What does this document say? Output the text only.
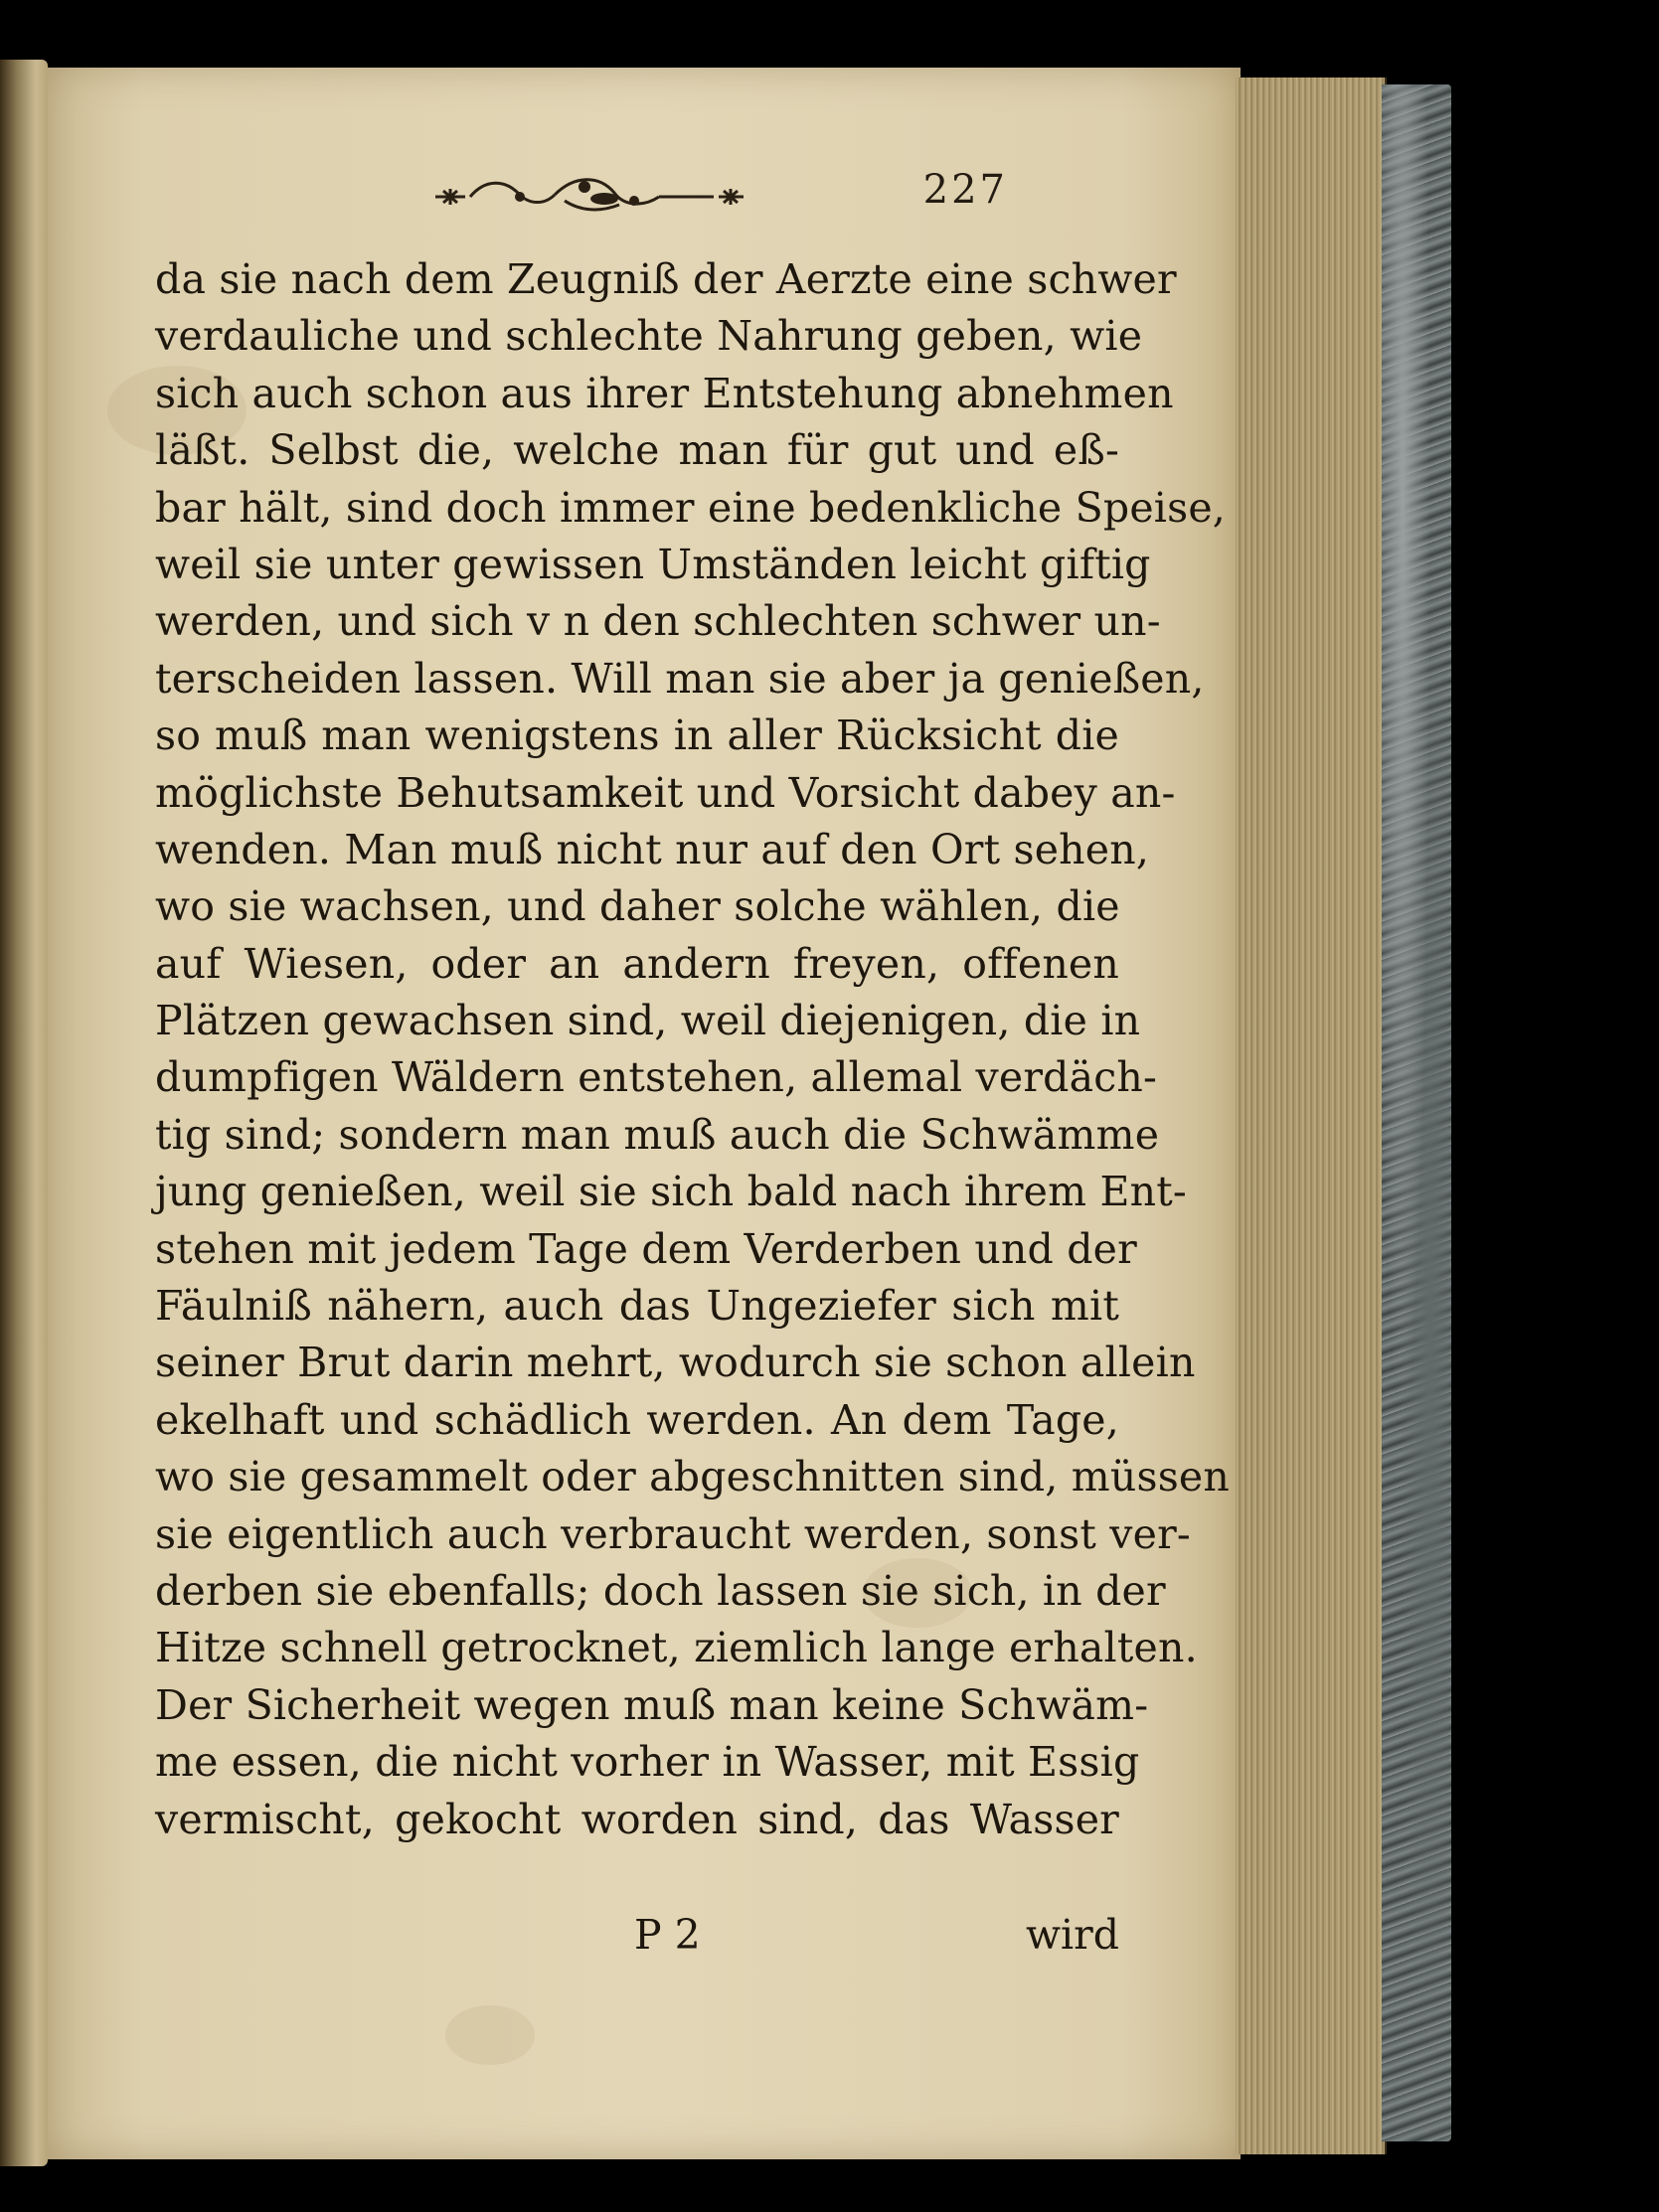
227
da sie nach dem Zeugniß der Aerzte eine schwer
verdauliche und schlechte Nahrung geben, wie
sich auch schon aus ihrer Entstehung abnehmen
läßt. Selbst die, welche man für gut und eß-
bar hält, sind doch immer eine bedenkliche Speise,
weil sie unter gewissen Umständen leicht giftig
werden, und sich v n den schlechten schwer un-
terscheiden lassen. Will man sie aber ja genießen,
so muß man wenigstens in aller Rücksicht die
möglichste Behutsamkeit und Vorsicht dabey an-
wenden. Man muß nicht nur auf den Ort sehen,
wo sie wachsen, und daher solche wählen, die
auf Wiesen, oder an andern freyen, offenen
Plätzen gewachsen sind, weil diejenigen, die in
dumpfigen Wäldern entstehen, allemal verdäch-
tig sind; sondern man muß auch die Schwämme
jung genießen, weil sie sich bald nach ihrem Ent-
stehen mit jedem Tage dem Verderben und der
Fäulniß nähern, auch das Ungeziefer sich mit
seiner Brut darin mehrt, wodurch sie schon allein
ekelhaft und schädlich werden. An dem Tage,
wo sie gesammelt oder abgeschnitten sind, müssen
sie eigentlich auch verbraucht werden, sonst ver-
derben sie ebenfalls; doch lassen sie sich, in der
Hitze schnell getrocknet, ziemlich lange erhalten.
Der Sicherheit wegen muß man keine Schwäm-
me essen, die nicht vorher in Wasser, mit Essig
vermischt, gekocht worden sind, das Wasser
P 2	wird
